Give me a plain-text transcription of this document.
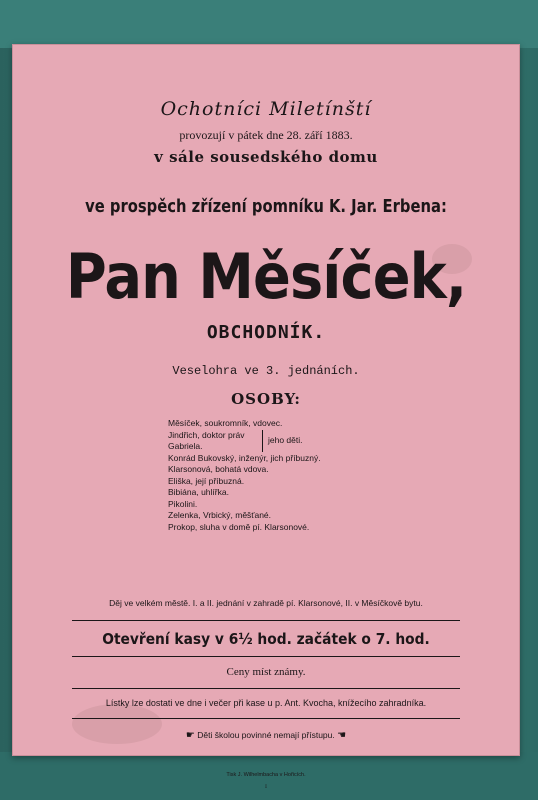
Ochotníci Miletínští
provozují v pátek dne 28. září 1883.
v sále sousedského domu
ve prospěch zřízení pomníku K. Jar. Erbena:
Pan Měsíček,
OBCHODNÍK.
Veselohra ve 3. jednáních.
OSOBY:
Měsíček, soukromník, vdovec.
Jindřich, doktor práv
Gabriela.
jeho děti.
Konrád Bukovský, inženýr, jich příbuzný.
Klarsonová, bohatá vdova.
Eliška, její příbuzná.
Bibiána, uhlířka.
Pikolini.
Zelenka, Vrbický, měšťané.
Prokop, sluha v domě pí. Klarsonové.
Děj ve velkém městě. I. a II. jednání v zahradě pí. Klarsonové, II. v Měsíčkově bytu.
Otevření kasy v 6½ hod. začátek o 7. hod.
Ceny míst známy.
Lístky lze dostati ve dne i večer při kase u p. Ant. Kvocha, knížecího zahradníka.
☛ Děti školou povinné nemají přístupu. ☚
Tisk J. Wilhelmbacha v Hořicích.
I
